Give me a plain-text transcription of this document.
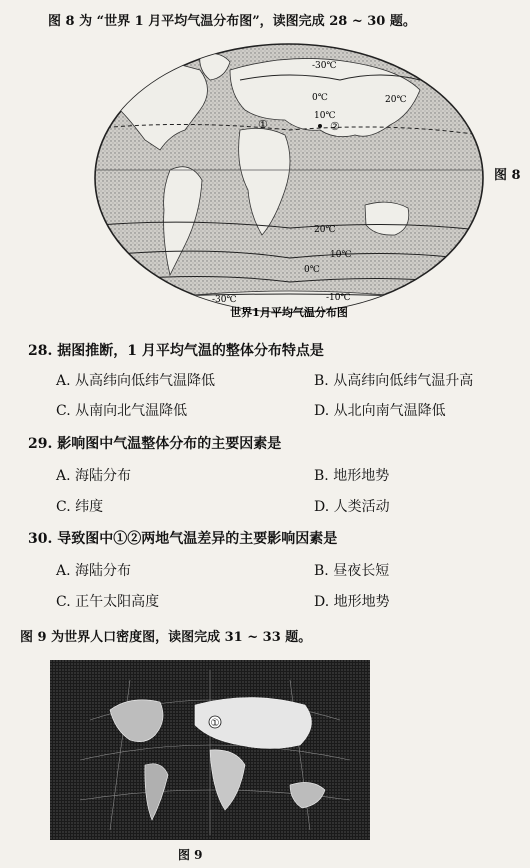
图 8 为 “世界 1 月平均气温分布图”，读图完成 28 ~ 30 题。
-30℃
0℃
10℃
20℃
20℃
10℃
0℃
-30℃	-10℃
①	②
世界1月平均气温分布图
图 8
28. 据图推断，1 月平均气温的整体分布特点是
A. 从高纬向低纬气温降低	B. 从高纬向低纬气温升高
C. 从南向北气温降低	D. 从北向南气温降低
29. 影响图中气温整体分布的主要因素是
A. 海陆分布	B. 地形地势
C. 纬度	D. 人类活动
30. 导致图中①②两地气温差异的主要影响因素是
A. 海陆分布	B. 昼夜长短
C. 正午太阳高度	D. 地形地势
图 9 为世界人口密度图，读图完成 31 ~ 33 题。
①
图 9
